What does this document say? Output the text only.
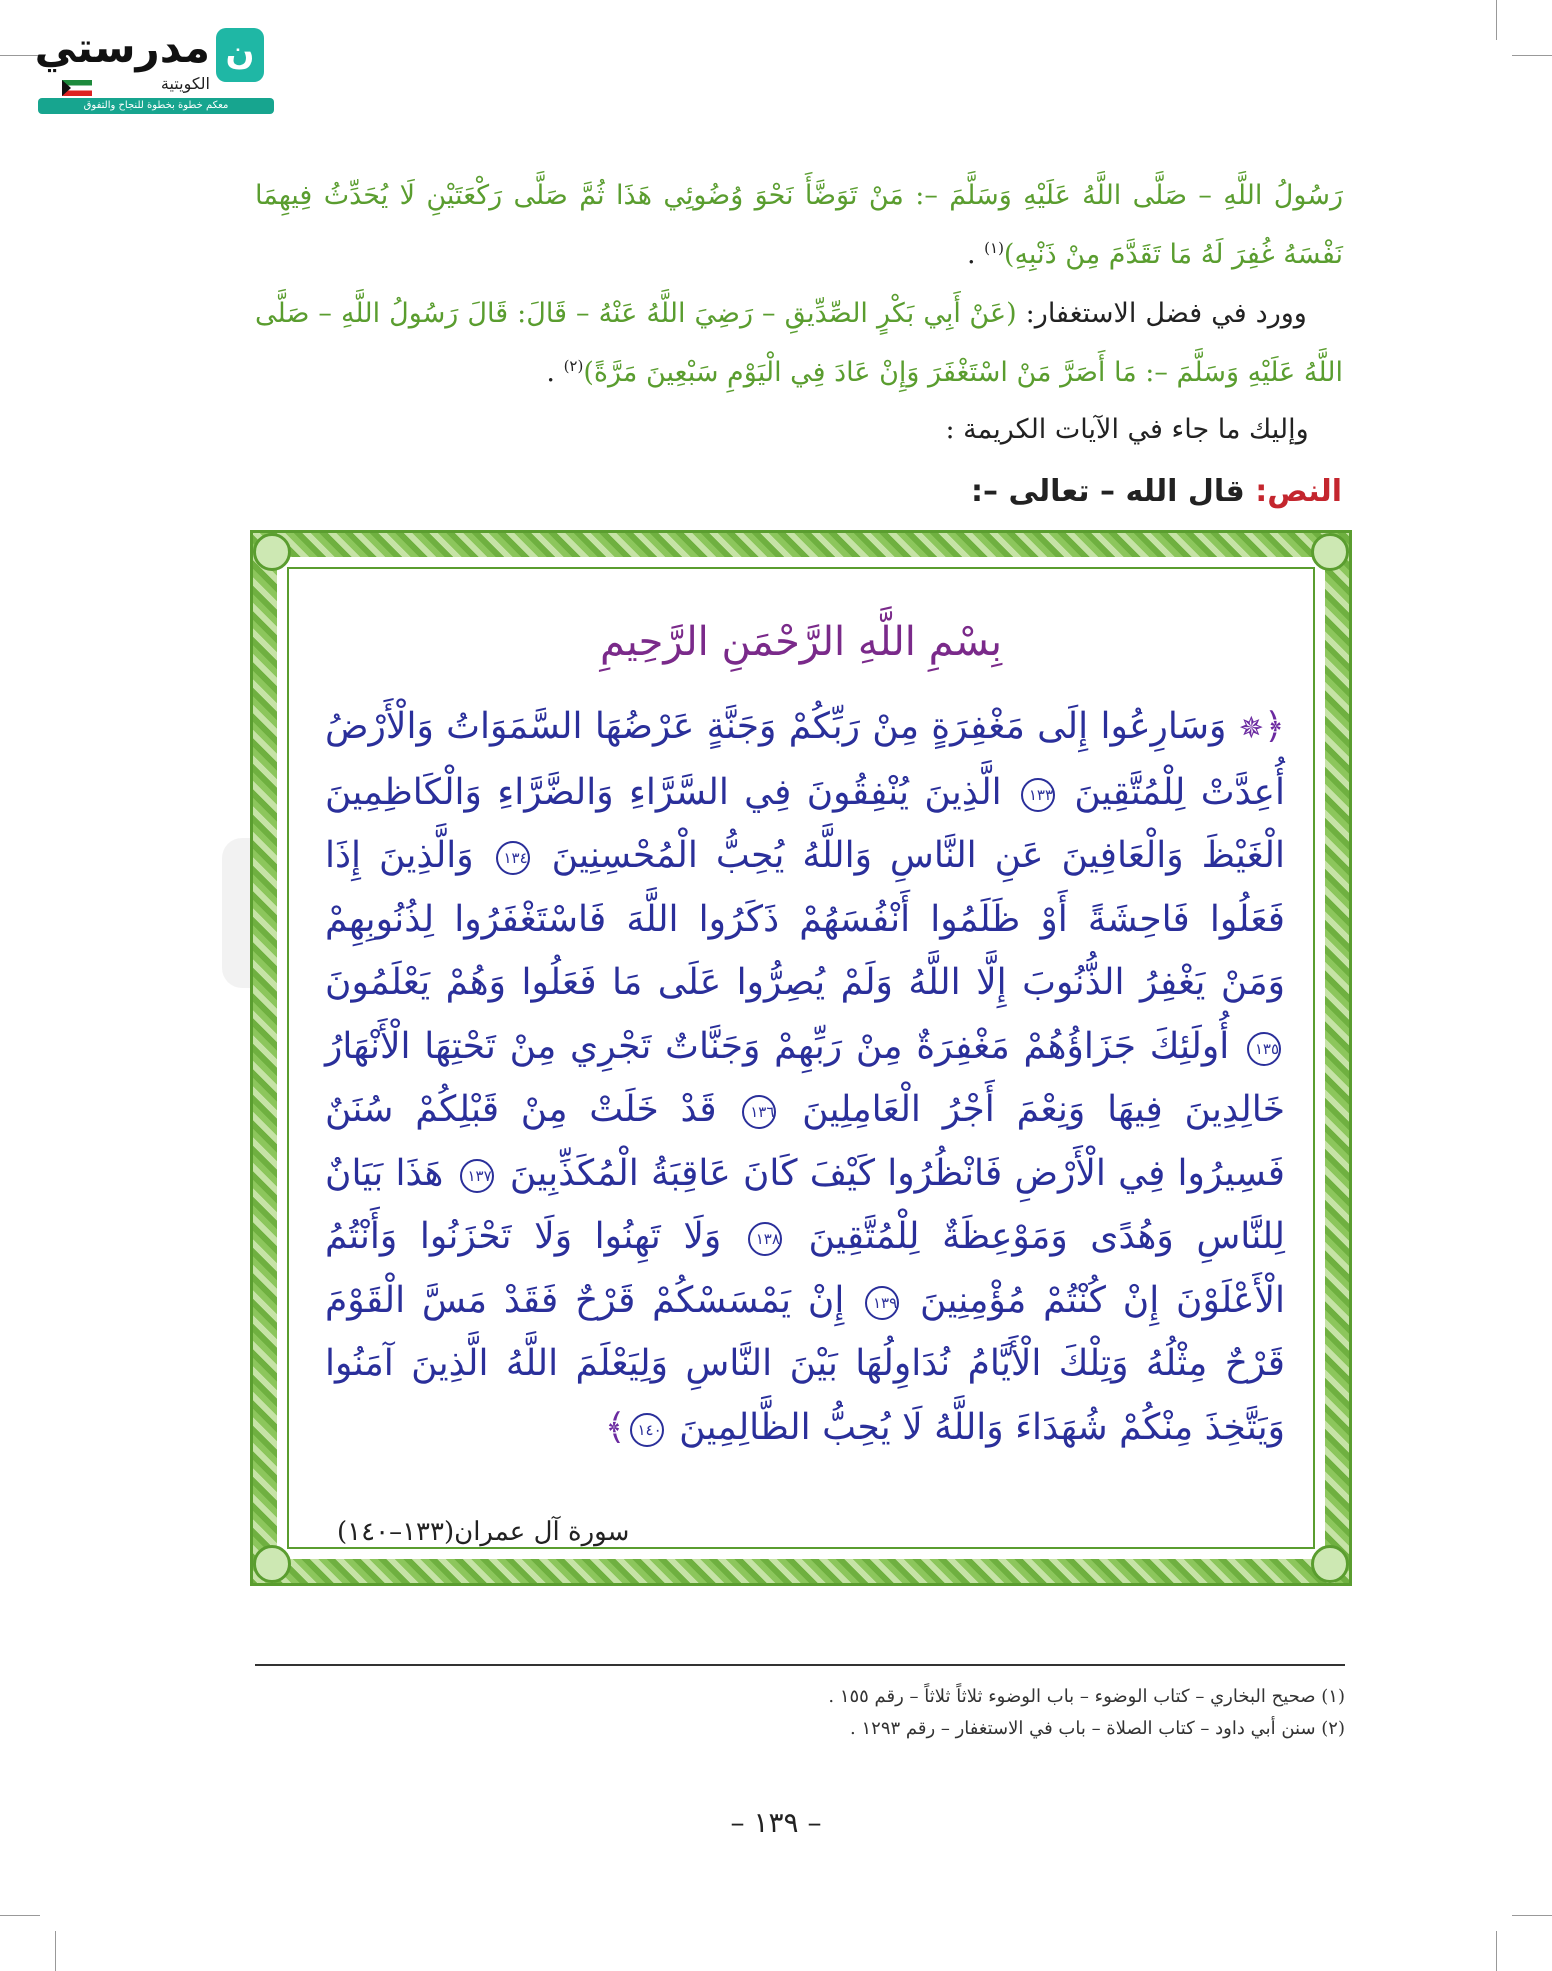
ن
مدرستي
الكويتية
معكم خطوة بخطوة للنجاح والتفوق
رَسُولُ اللَّهِ – صَلَّى اللَّهُ عَلَيْهِ وَسَلَّمَ –: مَنْ تَوَضَّأَ نَحْوَ وُضُوئِي هَذَا ثُمَّ صَلَّى رَكْعَتَيْنِ لَا يُحَدِّثُ فِيهِمَا نَفْسَهُ غُفِرَ لَهُ مَا تَقَدَّمَ مِنْ ذَنْبِهِ)$^{(١)}$ .
وورد في فضل الاستغفار: (عَنْ أَبِي بَكْرٍ الصِّدِّيقِ – رَضِيَ اللَّهُ عَنْهُ – قَالَ: قَالَ رَسُولُ اللَّهِ – صَلَّى اللَّهُ عَلَيْهِ وَسَلَّمَ –: مَا أَصَرَّ مَنْ اسْتَغْفَرَ وَإِنْ عَادَ فِي الْيَوْمِ سَبْعِينَ مَرَّةً)$^{(٢)}$ .
وإليك ما جاء في الآيات الكريمة :
النص: قال الله – تعالى –:
بِسْمِ اللَّهِ الرَّحْمَنِ الرَّحِيمِ
﴿✵ وَسَارِعُوا إِلَى مَغْفِرَةٍ مِنْ رَبِّكُمْ وَجَنَّةٍ عَرْضُهَا السَّمَوَاتُ وَالْأَرْضُ أُعِدَّتْ لِلْمُتَّقِينَ ١٣٣ الَّذِينَ يُنْفِقُونَ فِي السَّرَّاءِ وَالضَّرَّاءِ وَالْكَاظِمِينَ الْغَيْظَ وَالْعَافِينَ عَنِ النَّاسِ وَاللَّهُ يُحِبُّ الْمُحْسِنِينَ ١٣٤ وَالَّذِينَ إِذَا فَعَلُوا فَاحِشَةً أَوْ ظَلَمُوا أَنْفُسَهُمْ ذَكَرُوا اللَّهَ فَاسْتَغْفَرُوا لِذُنُوبِهِمْ وَمَنْ يَغْفِرُ الذُّنُوبَ إِلَّا اللَّهُ وَلَمْ يُصِرُّوا عَلَى مَا فَعَلُوا وَهُمْ يَعْلَمُونَ ١٣٥ أُولَئِكَ جَزَاؤُهُمْ مَغْفِرَةٌ مِنْ رَبِّهِمْ وَجَنَّاتٌ تَجْرِي مِنْ تَحْتِهَا الْأَنْهَارُ خَالِدِينَ فِيهَا وَنِعْمَ أَجْرُ الْعَامِلِينَ ١٣٦ قَدْ خَلَتْ مِنْ قَبْلِكُمْ سُنَنٌ فَسِيرُوا فِي الْأَرْضِ فَانْظُرُوا كَيْفَ كَانَ عَاقِبَةُ الْمُكَذِّبِينَ ١٣٧ هَذَا بَيَانٌ لِلنَّاسِ وَهُدًى وَمَوْعِظَةٌ لِلْمُتَّقِينَ ١٣٨ وَلَا تَهِنُوا وَلَا تَحْزَنُوا وَأَنْتُمُ الْأَعْلَوْنَ إِنْ كُنْتُمْ مُؤْمِنِينَ ١٣٩ إِنْ يَمْسَسْكُمْ قَرْحٌ فَقَدْ مَسَّ الْقَوْمَ قَرْحٌ مِثْلُهُ وَتِلْكَ الْأَيَّامُ نُدَاوِلُهَا بَيْنَ النَّاسِ وَلِيَعْلَمَ اللَّهُ الَّذِينَ آمَنُوا وَيَتَّخِذَ مِنْكُمْ شُهَدَاءَ وَاللَّهُ لَا يُحِبُّ الظَّالِمِينَ ١٤٠﴾
سورة آل عمران(١٣٣–١٤٠)
(١) صحيح البخاري – كتاب الوضوء – باب الوضوء ثلاثاً ثلاثاً – رقم ١٥٥ .
(٢) سنن أبي داود – كتاب الصلاة – باب في الاستغفار – رقم ١٢٩٣ .
– ١٣٩ –
